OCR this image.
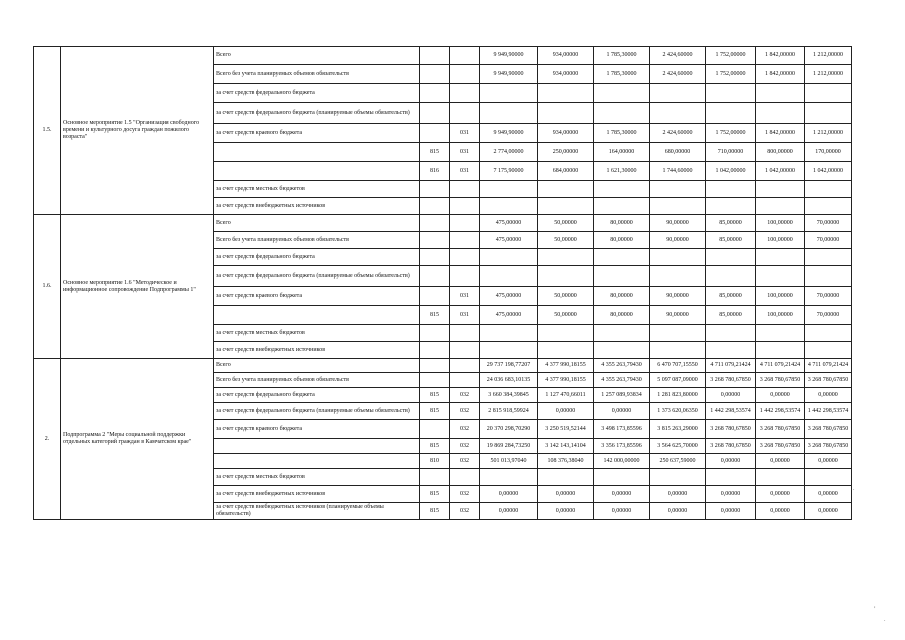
1.5.	Основное мероприятие 1.5 "Организация свободного времени и культурного досуга граждан пожилого возраста"	Всего			9 949,90000	934,00000	1 785,30000	2 424,60000	1 752,00000	1 842,00000	1 212,00000
		Всего без учета планируемых объемов обязательств			9 949,90000	934,00000	1 785,30000	2 424,60000	1 752,00000	1 842,00000	1 212,00000
		за счет средств федерального бюджета									
		за счет средств федерального бюджета (планируемые объемы обязательств)									
		за счет средств краевого бюджета		031	9 949,90000	934,00000	1 785,30000	2 424,60000	1 752,00000	1 842,00000	1 212,00000
			815	031	2 774,00000	250,00000	164,00000	680,00000	710,00000	800,00000	170,00000
			816	031	7 175,90000	684,00000	1 621,30000	1 744,60000	1 042,00000	1 042,00000	1 042,00000
		за счет средств местных бюджетов									
		за счет средств внебюджетных источников									
1.6.	Основное мероприятие 1.6 "Методическое и информационное сопровождение Подпрограммы 1"	Всего			475,00000	50,00000	80,00000	90,00000	85,00000	100,00000	70,00000
		Всего без учета планируемых объемов обязательств			475,00000	50,00000	80,00000	90,00000	85,00000	100,00000	70,00000
		за счет средств федерального бюджета									
		за счет средств федерального бюджета (планируемые объемы обязательств)									
		за счет средств краевого бюджета		031	475,00000	50,00000	80,00000	90,00000	85,00000	100,00000	70,00000
			815	031	475,00000	50,00000	80,00000	90,00000	85,00000	100,00000	70,00000
		за счет средств местных бюджетов									
		за счет средств внебюджетных источников									
2.	Подпрограмма 2 "Меры социальной поддержки отдельных категорий граждан в Камчатском крае"	Всего			29 737 198,77207	4 377 990,18155	4 355 263,79430	6 470 707,15550	4 711 079,21424	4 711 079,21424	4 711 079,21424
		Всего без учета планируемых объемов обязательств			24 036 683,10135	4 377 990,18155	4 355 263,79430	5 097 087,09000	3 268 780,67850	3 268 780,67850	3 268 780,67850
		за счет средств федерального бюджета	815	032	3 660 384,39845	1 127 470,66011	1 257 089,93834	1 281 823,80000	0,00000	0,00000	0,00000
		за счет средств федерального бюджета (планируемые объемы обязательств)	815	032	2 815 918,59924	0,00000	0,00000	1 373 620,06350	1 442 298,53574	1 442 298,53574	1 442 298,53574
		за счет средств краевого бюджета		032	20 370 298,70290	3 250 519,52144	3 498 173,85596	3 815 263,29000	3 268 780,67850	3 268 780,67850	3 268 780,67850
			815	032	19 869 284,73250	3 142 143,14104	3 356 173,85596	3 564 625,70000	3 268 780,67850	3 268 780,67850	3 268 780,67850
			810	032	501 013,97040	108 376,38040	142 000,00000	250 637,59000	0,00000	0,00000	0,00000
		за счет средств местных бюджетов									
		за счет средств внебюджетных источников	815	032	0,00000	0,00000	0,00000	0,00000	0,00000	0,00000	0,00000
		за счет средств внебюджетных источников (планируемые объемы обязательств)	815	032	0,00000	0,00000	0,00000	0,00000	0,00000	0,00000	0,00000
.
,
.
